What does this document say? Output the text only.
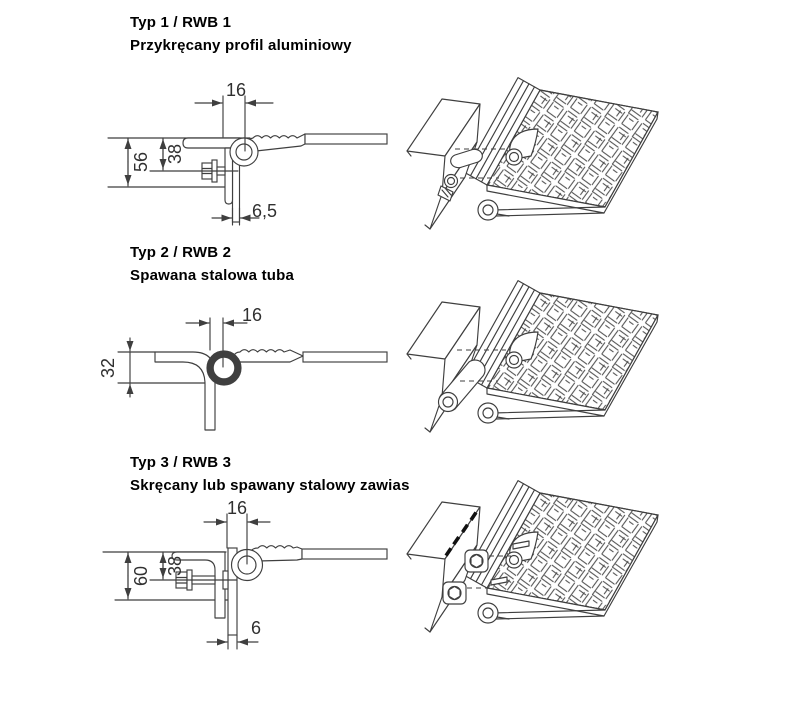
Typ 1 / RWB 1
Przykręcany profil aluminiowy
Typ 2 / RWB 2
Spawana stalowa tuba
Typ 3 / RWB 3
Skręcany lub spawany stalowy zawias
16
56 38
6,5
16
32
16
60 38
6
